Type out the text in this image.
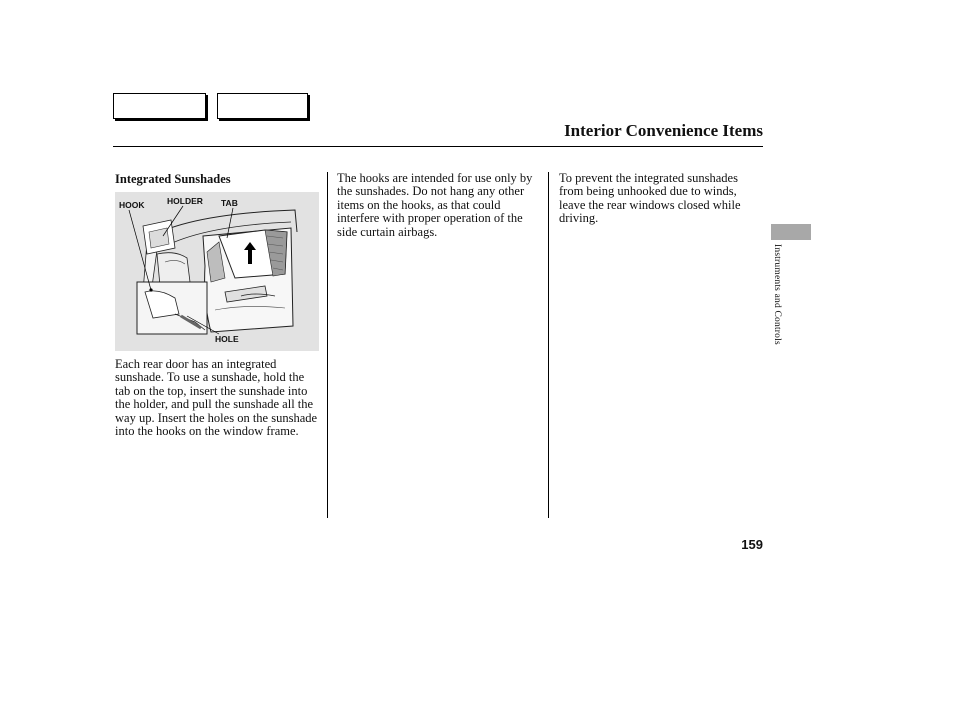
Interior Convenience Items
Integrated Sunshades
HOOK	HOLDER TAB
HOLE
Each rear door has an integrated sunshade. To use a sunshade, hold the tab on the top, insert the sunshade into the holder, and pull the sunshade all the way up. Insert the holes on the sunshade into the hooks on the window frame.
The hooks are intended for use only by the sunshades. Do not hang any other items on the hooks, as that could interfere with proper operation of the side curtain airbags.
To prevent the integrated sunshades from being unhooked due to winds, leave the rear windows closed while driving.
Instruments and Controls
159
